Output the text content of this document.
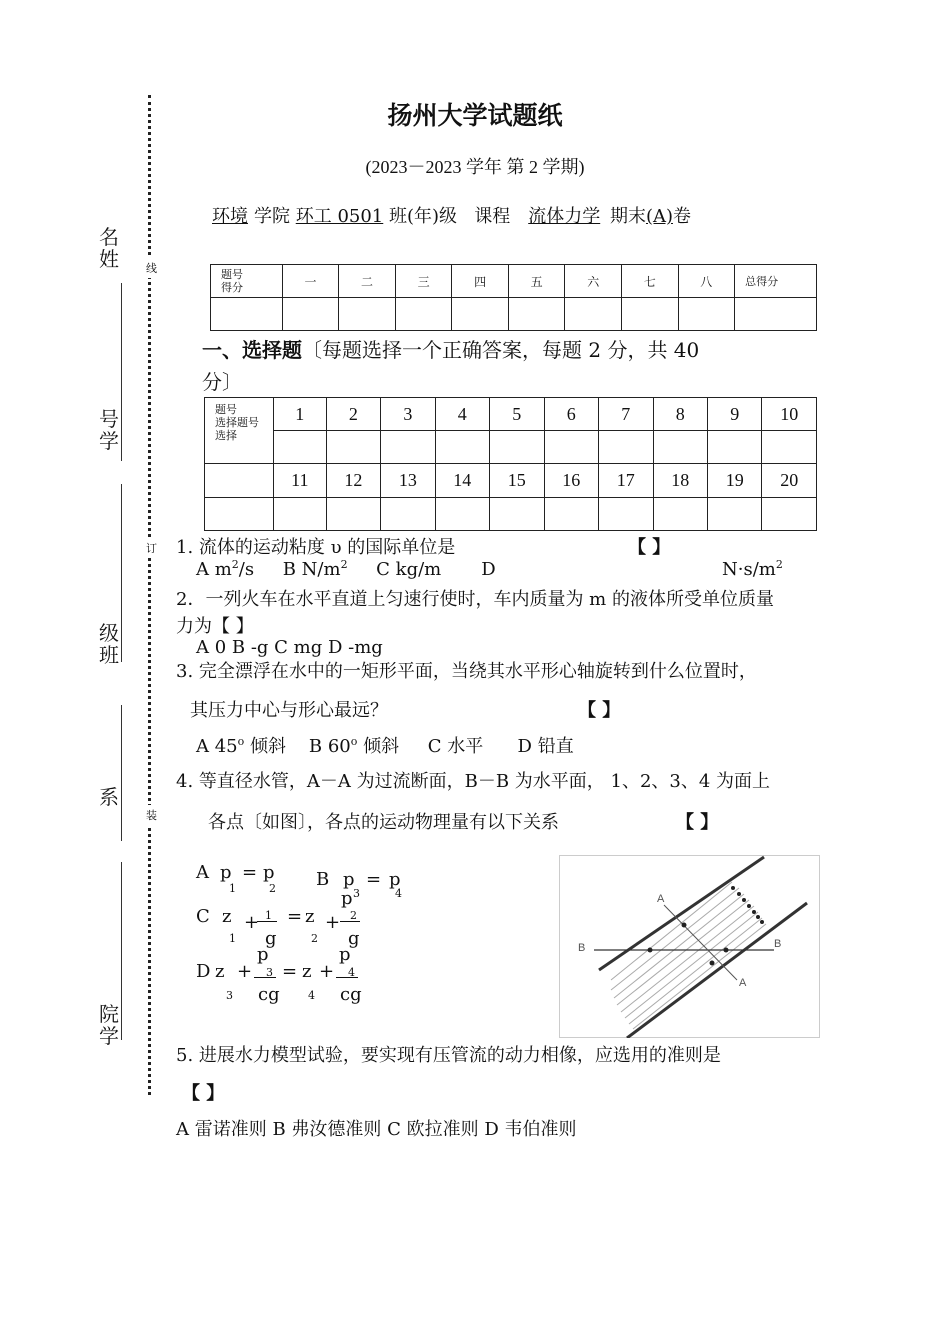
线
订
装
名姓
号学
级班
系
院学
扬州大学试题纸
(2023－2023 学年 第 2 学期)
环境 学院 环工 0501 班(年)级 课程 流体力学 期末(A)卷
题号
得分	一	二	三	四	五	六	七	八	总得分

一、选择题〔每题选择一个正确答案，每题 2 分，共 40
分〕
题号
选择题号
选择	1	2	3	4	5	6	7	8	9	10

	11	12	13	14	15	16	17	18	19	20

1. 流体的运动粘度 υ 的国际单位是	【 】
A $m^2/s$ B $N/m^2$ C kg/m D	$N\cdot s/m^2$
2．一列火车在水平直道上匀速行使时，车内质量为 m 的液体所受单位质量
力为【 】
A 0 B -g C mg D -mg
3. 完全漂浮在水中的一矩形平面，当绕其水平形心轴旋转到什么位置时，
其压力中心与形心最远？	【 】
A 45$^o$ 倾斜 B 60$^o$ 倾斜 C 水平 D 铅直
4. 等直径水管，A－A 为过流断面，B－B 为水平面， 1、2、3、4 为面上
各点〔如图〕，各点的运动物理量有以下关系	【 】
A p
1
= p
2 B p
3
= p
4
C z
1
+ 1
g
= z
2
+
p
2
g
D z
3
+
p
3
ϲg
= z
4
+
p
4
ϲg
A
A
B	B
5. 进展水力模型试验，要实现有压管流的动力相像，应选用的准则是
【 】
A 雷诺准则 B 弗汝德准则 C 欧拉准则 D 韦伯准则
